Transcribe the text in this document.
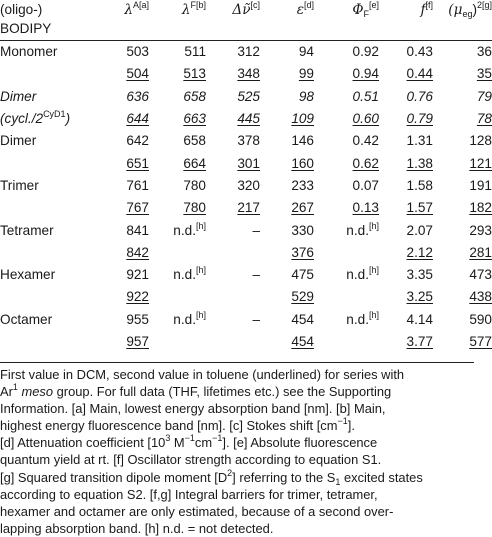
(oligo-)		$\lambda^{A[a]}$	$\lambda^{F[b]}$	Δν̃[c]	ε[d]	$\Phi_F[e]$	f[f]	$(\mu_{eg})^{2[g]}$
BODIPY								
Monomer		503	511	312	94	0.92	0.43	36
		504	513	348	99	0.94	0.44	35
Dimer		636	658	525	98	0.51	0.76	79
$(cycl./2^{CyD1})$		644	663	445	109	0.60	0.79	78
Dimer		642	658	378	146	0.42	1.31	128
		651	664	301	160	0.62	1.38	121
Trimer		761	780	320	233	0.07	1.58	191
		767	780	217	267	0.13	1.57	182
Tetramer		841	n.d.[h]	–	330	n.d.[h]	2.07	293
		842			376		2.12	281
Hexamer		921	n.d.[h]	–	475	n.d.[h]	3.35	473
		922			529		3.25	438
Octamer		955	n.d.[h]	–	454	n.d.[h]	4.14	590
		957			454		3.77	577
First value in DCM, second value in toluene (underlined) for series with
Ar$^1$ meso group. For full data (THF, lifetimes etc.) see the Supporting
Information. [a] Main, lowest energy absorption band [nm]. [b] Main,
highest energy fluorescence band [nm]. [c] Stokes shift $[cm^{-1}]$.
[d] Attenuation coefficient [$10^3$ $M^{-1}cm^{-1}$]. [e] Absolute fluorescence
quantum yield at rt. [f] Oscillator strength according to equation S1.
[g] Squared transition dipole moment $[D^2]$ referring to the $S_1$ excited states
according to equation S2. [f,g] Integral barriers for trimer, tetramer,
hexamer and octamer are only estimated, because of a second over-
lapping absorption band. [h] n.d. = not detected.
